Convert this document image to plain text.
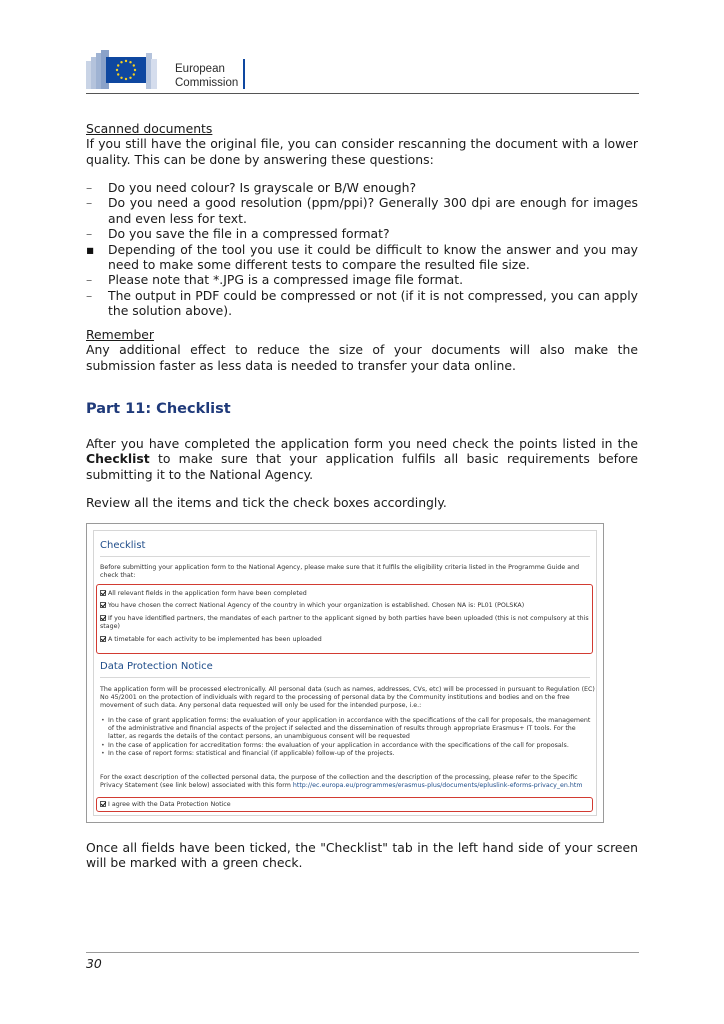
European
Commission
Scanned documents
If you still have the original file, you can consider rescanning the document with a lower quality. This can be done by answering these questions:
–	Do you need colour? Is grayscale or B/W enough?
–	Do you need a good resolution (ppm/ppi)? Generally 300 dpi are enough for images and even less for text.
–	Do you save the file in a compressed format?
▪	Depending of the tool you use it could be difficult to know the answer and you may need to make some different tests to compare the resulted file size.
–	Please note that *.JPG is a compressed image file format.
–	The output in PDF could be compressed or not (if it is not compressed, you can apply the solution above).
Remember
Any additional effect to reduce the size of your documents will also make the submission faster as less data is needed to transfer your data online.
Part 11: Checklist
After you have completed the application form you need check the points listed in the Checklist to make sure that your application fulfils all basic requirements before submitting it to the National Agency.
Review all the items and tick the check boxes accordingly.
Checklist
Before submitting your application form to the National Agency, please make sure that it fulfils the eligibility criteria listed in the Programme Guide and check that:
All relevant fields in the application form have been completed
You have chosen the correct National Agency of the country in which your organization is established. Chosen NA is: PL01 (POLSKA)
If you have identified partners, the mandates of each partner to the applicant signed by both parties have been uploaded (this is not compulsory at this stage)
A timetable for each activity to be implemented has been uploaded
Data Protection Notice
The application form will be processed electronically. All personal data (such as names, addresses, CVs, etc) will be processed in pursuant to Regulation (EC) No 45/2001 on the protection of individuals with regard to the processing of personal data by the Community institutions and bodies and on the free movement of such data. Any personal data requested will only be used for the intended purpose, i.e.:
• In the case of grant application forms: the evaluation of your application in accordance with the specifications of the call for proposals, the management of the administrative and financial aspects of the project if selected and the dissemination of results through appropriate Erasmus+ IT tools. For the latter, as regards the details of the contact persons, an unambiguous consent will be requested
• In the case of application for accreditation forms: the evaluation of your application in accordance with the specifications of the call for proposals.
• In the case of report forms: statistical and financial (if applicable) follow-up of the projects.
For the exact description of the collected personal data, the purpose of the collection and the description of the processing, please refer to the Specific Privacy Statement (see link below) associated with this form http://ec.europa.eu/programmes/erasmus-plus/documents/epluslink-eforms-privacy_en.htm
I agree with the Data Protection Notice
Once all fields have been ticked, the "Checklist" tab in the left hand side of your screen will be marked with a green check.
30
